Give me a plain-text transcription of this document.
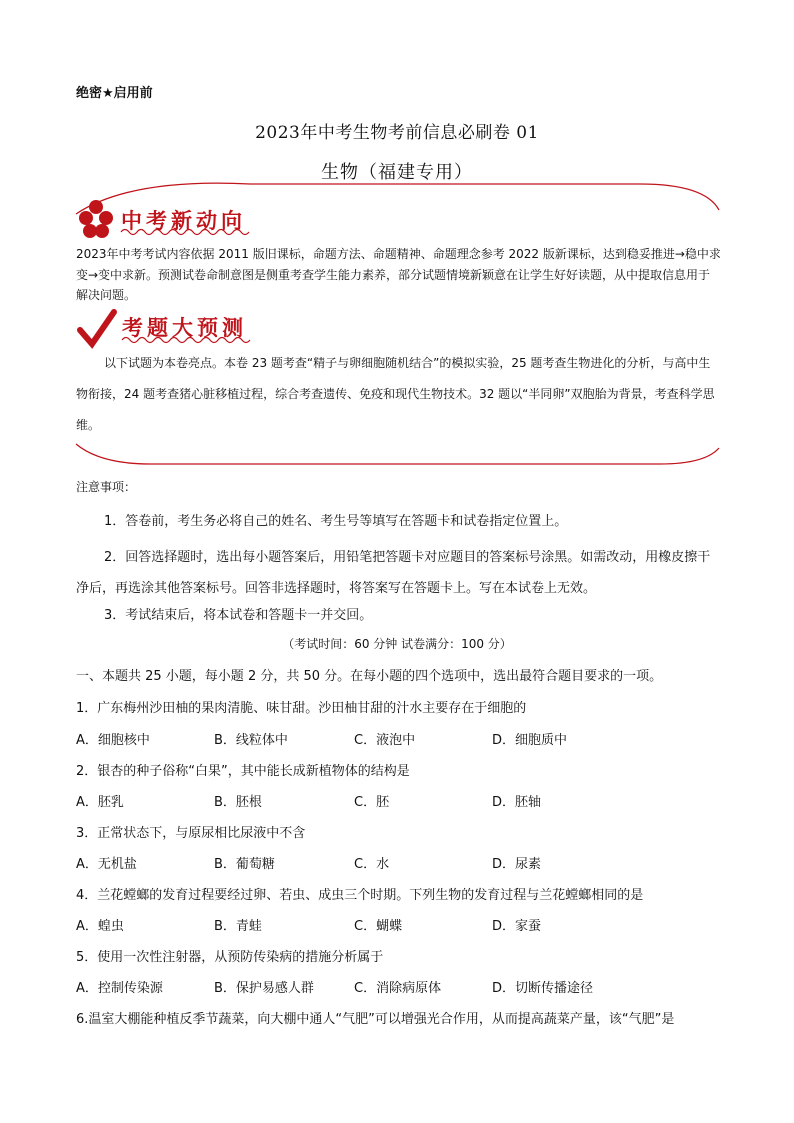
绝密★启用前
2023年中考生物考前信息必刷卷 01
生物（福建专用）
中考新动向
2023年中考考试内容依据 2011 版旧课标，命题方法、命题精神、命题理念参考 2022 版新课标，达到稳妥推进→稳中求变→变中求新。预测试卷命制意图是侧重考查学生能力素养，部分试题情境新颖意在让学生好好读题，从中提取信息用于解决问题。
考题大预测
以下试题为本卷亮点。本卷 23 题考查“精子与卵细胞随机结合”的模拟实验，25 题考查生物进化的分析，与高中生物衔接，24 题考查猪心脏移植过程，综合考查遗传、免疫和现代生物技术。32 题以“半同卵”双胞胎为背景，考查科学思维。
注意事项：
1．答卷前，考生务必将自己的姓名、考生号等填写在答题卡和试卷指定位置上。
2．回答选择题时，选出每小题答案后，用铅笔把答题卡对应题目的答案标号涂黑。如需改动，用橡皮擦干净后，再选涂其他答案标号。回答非选择题时，将答案写在答题卡上。写在本试卷上无效。
3．考试结束后，将本试卷和答题卡一并交回。
（考试时间：60 分钟 试卷满分：100 分）
一、本题共 25 小题，每小题 2 分，共 50 分。在每小题的四个选项中，选出最符合题目要求的一项。
1．广东梅州沙田柚的果肉清脆、味甘甜。沙田柚甘甜的汁水主要存在于细胞的
A．细胞核中	B．线粒体中	C．液泡中	D．细胞质中
2．银杏的种子俗称“白果”，其中能长成新植物体的结构是
A．胚乳	B．胚根	C．胚	D．胚轴
3．正常状态下，与原尿相比尿液中不含
A．无机盐	B．葡萄糖	C．水	D．尿素
4．兰花螳螂的发育过程要经过卵、若虫、成虫三个时期。下列生物的发育过程与兰花螳螂相同的是
A．蝗虫	B．青蛙	C．蝴蝶	D．家蚕
5．使用一次性注射器，从预防传染病的措施分析属于
A．控制传染源	B．保护易感人群	C．消除病原体	D．切断传播途径
6.温室大棚能种植反季节蔬菜，向大棚中通人“气肥”可以增强光合作用，从而提高蔬菜产量，该“气肥”是
